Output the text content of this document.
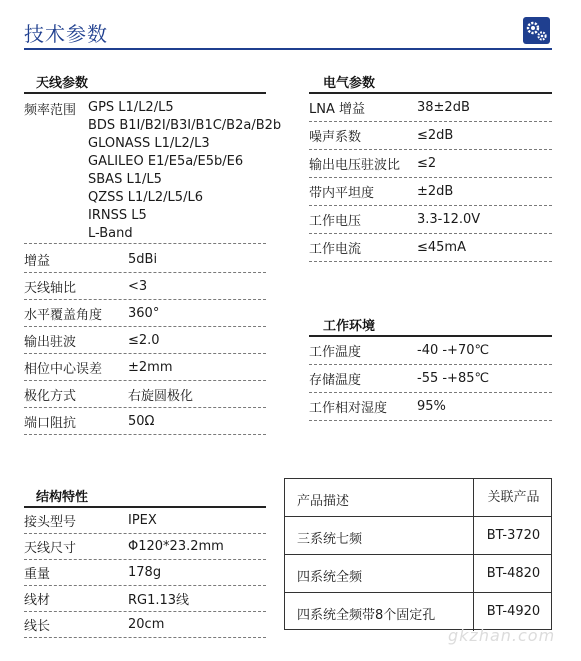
技术参数
天线参数
频率范围 GPS L1/L2/L5
BDS B1I/B2I/B3I/B1C/B2a/B2b
GLONASS L1/L2/L3
GALILEO E1/E5a/E5b/E6
SBAS L1/L5
QZSS L1/L2/L5/L6
IRNSS L5
L-Band
增益	5dBi
天线轴比	<3
水平覆盖角度 360°
输出驻波	≤2.0
相位中心误差 ±2mm
极化方式	右旋圆极化
端口阻抗	50Ω
电气参数
LNA 增益	38±2dB
噪声系数	≤2dB
输出电压驻波比 ≤2
带内平坦度	±2dB
工作电压	3.3-12.0V
工作电流	≤45mA
工作环境
工作温度	-40 -+70℃
存储温度	-55 -+85℃
工作相对湿度 95%
结构特性
接头型号	IPEX
天线尺寸	Φ120*23.2mm
重量	178g
线材	RG1.13线
线长	20cm
产品描述	关联产品
三系统七频	BT-3720
四系统全频	BT-4820
四系统全频带8个固定孔	BT-4920
gkzhan.com
